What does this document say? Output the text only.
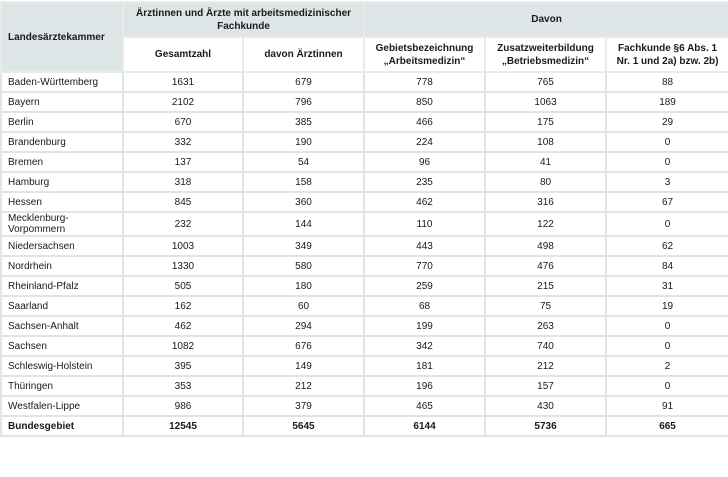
Landesärztekammer	Ärztinnen und Ärzte mit arbeitsmedizinischer Fachkunde		Davon		
	Gesamtzahl	davon Ärztinnen	Gebietsbezeichnung „Arbeitsmedizin“	Zusatzweiterbildung „Betriebsmedizin“	Fachkunde §6 Abs. 1 Nr. 1 und 2a) bzw. 2b)
Baden-Württemberg	1631	679	778	765	88
Bayern	2102	796	850	1063	189
Berlin	670	385	466	175	29
Brandenburg	332	190	224	108	0
Bremen	137	54	96	41	0
Hamburg	318	158	235	80	3
Hessen	845	360	462	316	67
Mecklenburg-Vorpommern	232	144	110	122	0
Niedersachsen	1003	349	443	498	62
Nordrhein	1330	580	770	476	84
Rheinland-Pfalz	505	180	259	215	31
Saarland	162	60	68	75	19
Sachsen-Anhalt	462	294	199	263	0
Sachsen	1082	676	342	740	0
Schleswig-Holstein	395	149	181	212	2
Thüringen	353	212	196	157	0
Westfalen-Lippe	986	379	465	430	91
Bundesgebiet	12545	5645	6144	5736	665
